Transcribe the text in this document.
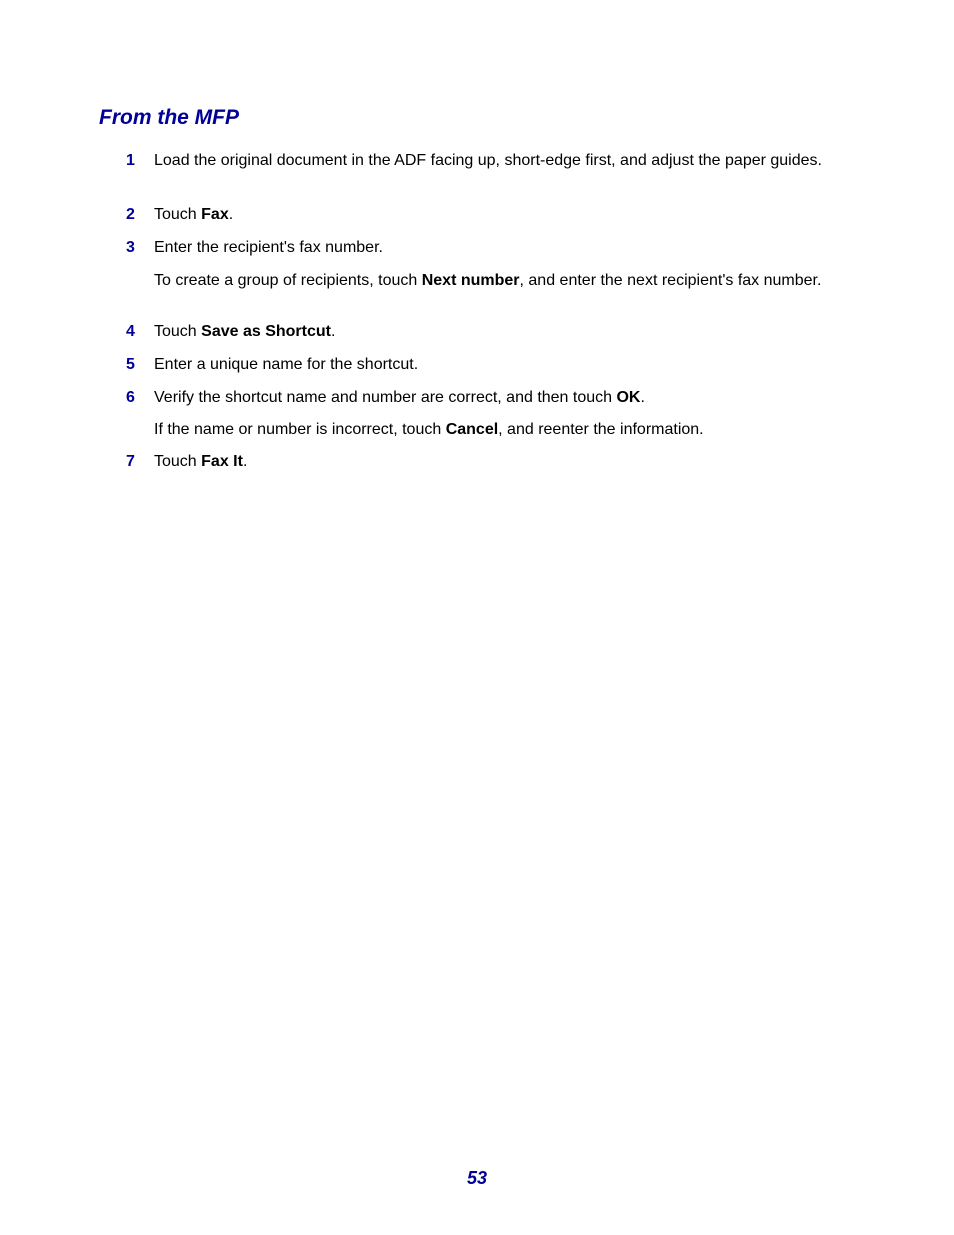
From the MFP
1	Load the original document in the ADF facing up, short-edge first, and adjust the paper guides.
2	Touch Fax.
3	Enter the recipient's fax number.
To create a group of recipients, touch Next number, and enter the next recipient's fax number.
4	Touch Save as Shortcut.
5	Enter a unique name for the shortcut.
6	Verify the shortcut name and number are correct, and then touch OK.
If the name or number is incorrect, touch Cancel, and reenter the information.
7	Touch Fax It.
53
